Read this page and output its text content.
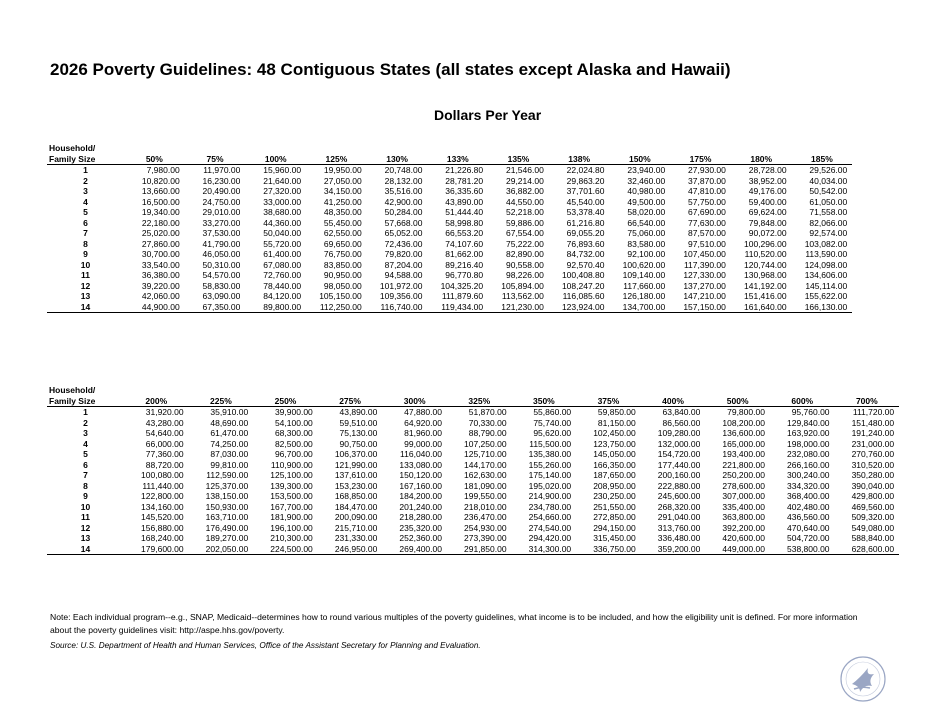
2026 Poverty Guidelines: 48 Contiguous States (all states except Alaska and Hawaii)
Dollars Per Year
Household/												
Family Size	50%	75%	100%	125%	130%	133%	135%	138%	150%	175%	180%	185%
1	7,980.00	11,970.00	15,960.00	19,950.00	20,748.00	21,226.80	21,546.00	22,024.80	23,940.00	27,930.00	28,728.00	29,526.00
2	10,820.00	16,230.00	21,640.00	27,050.00	28,132.00	28,781.20	29,214.00	29,863.20	32,460.00	37,870.00	38,952.00	40,034.00
3	13,660.00	20,490.00	27,320.00	34,150.00	35,516.00	36,335.60	36,882.00	37,701.60	40,980.00	47,810.00	49,176.00	50,542.00
4	16,500.00	24,750.00	33,000.00	41,250.00	42,900.00	43,890.00	44,550.00	45,540.00	49,500.00	57,750.00	59,400.00	61,050.00
5	19,340.00	29,010.00	38,680.00	48,350.00	50,284.00	51,444.40	52,218.00	53,378.40	58,020.00	67,690.00	69,624.00	71,558.00
6	22,180.00	33,270.00	44,360.00	55,450.00	57,668.00	58,998.80	59,886.00	61,216.80	66,540.00	77,630.00	79,848.00	82,066.00
7	25,020.00	37,530.00	50,040.00	62,550.00	65,052.00	66,553.20	67,554.00	69,055.20	75,060.00	87,570.00	90,072.00	92,574.00
8	27,860.00	41,790.00	55,720.00	69,650.00	72,436.00	74,107.60	75,222.00	76,893.60	83,580.00	97,510.00	100,296.00	103,082.00
9	30,700.00	46,050.00	61,400.00	76,750.00	79,820.00	81,662.00	82,890.00	84,732.00	92,100.00	107,450.00	110,520.00	113,590.00
10	33,540.00	50,310.00	67,080.00	83,850.00	87,204.00	89,216.40	90,558.00	92,570.40	100,620.00	117,390.00	120,744.00	124,098.00
11	36,380.00	54,570.00	72,760.00	90,950.00	94,588.00	96,770.80	98,226.00	100,408.80	109,140.00	127,330.00	130,968.00	134,606.00
12	39,220.00	58,830.00	78,440.00	98,050.00	101,972.00	104,325.20	105,894.00	108,247.20	117,660.00	137,270.00	141,192.00	145,114.00
13	42,060.00	63,090.00	84,120.00	105,150.00	109,356.00	111,879.60	113,562.00	116,085.60	126,180.00	147,210.00	151,416.00	155,622.00
14	44,900.00	67,350.00	89,800.00	112,250.00	116,740.00	119,434.00	121,230.00	123,924.00	134,700.00	157,150.00	161,640.00	166,130.00
Household/												
Family Size	200%	225%	250%	275%	300%	325%	350%	375%	400%	500%	600%	700%
1	31,920.00	35,910.00	39,900.00	43,890.00	47,880.00	51,870.00	55,860.00	59,850.00	63,840.00	79,800.00	95,760.00	111,720.00
2	43,280.00	48,690.00	54,100.00	59,510.00	64,920.00	70,330.00	75,740.00	81,150.00	86,560.00	108,200.00	129,840.00	151,480.00
3	54,640.00	61,470.00	68,300.00	75,130.00	81,960.00	88,790.00	95,620.00	102,450.00	109,280.00	136,600.00	163,920.00	191,240.00
4	66,000.00	74,250.00	82,500.00	90,750.00	99,000.00	107,250.00	115,500.00	123,750.00	132,000.00	165,000.00	198,000.00	231,000.00
5	77,360.00	87,030.00	96,700.00	106,370.00	116,040.00	125,710.00	135,380.00	145,050.00	154,720.00	193,400.00	232,080.00	270,760.00
6	88,720.00	99,810.00	110,900.00	121,990.00	133,080.00	144,170.00	155,260.00	166,350.00	177,440.00	221,800.00	266,160.00	310,520.00
7	100,080.00	112,590.00	125,100.00	137,610.00	150,120.00	162,630.00	175,140.00	187,650.00	200,160.00	250,200.00	300,240.00	350,280.00
8	111,440.00	125,370.00	139,300.00	153,230.00	167,160.00	181,090.00	195,020.00	208,950.00	222,880.00	278,600.00	334,320.00	390,040.00
9	122,800.00	138,150.00	153,500.00	168,850.00	184,200.00	199,550.00	214,900.00	230,250.00	245,600.00	307,000.00	368,400.00	429,800.00
10	134,160.00	150,930.00	167,700.00	184,470.00	201,240.00	218,010.00	234,780.00	251,550.00	268,320.00	335,400.00	402,480.00	469,560.00
11	145,520.00	163,710.00	181,900.00	200,090.00	218,280.00	236,470.00	254,660.00	272,850.00	291,040.00	363,800.00	436,560.00	509,320.00
12	156,880.00	176,490.00	196,100.00	215,710.00	235,320.00	254,930.00	274,540.00	294,150.00	313,760.00	392,200.00	470,640.00	549,080.00
13	168,240.00	189,270.00	210,300.00	231,330.00	252,360.00	273,390.00	294,420.00	315,450.00	336,480.00	420,600.00	504,720.00	588,840.00
14	179,600.00	202,050.00	224,500.00	246,950.00	269,400.00	291,850.00	314,300.00	336,750.00	359,200.00	449,000.00	538,800.00	628,600.00
Note: Each individual program--e.g., SNAP, Medicaid--determines how to round various multiples of the poverty guidelines, what income is to be included, and how the eligibility unit is defined. For more information about the poverty guidelines visit: http://aspe.hhs.gov/poverty.
Source: U.S. Department of Health and Human Services, Office of the Assistant Secretary for Planning and Evaluation.
